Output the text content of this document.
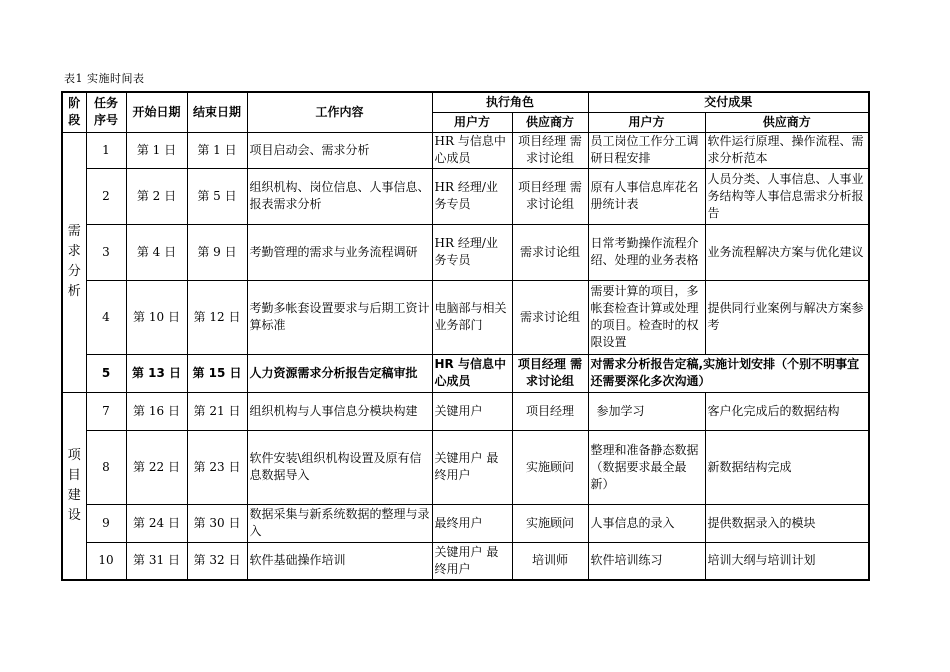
表1 实施时间表
阶段	任务序号	开始日期	结束日期	工作内容	执行角色		交付成果	
					用户方	供应商方	用户方	供应商方

需求分析	1	第 1 日	第 1 日	项目启动会、需求分析	HR 与信息中心成员	项目经理 需求讨论组	员工岗位工作分工调研日程安排	软件运行原理、操作流程、需求分析范本
	2	第 2 日	第 5 日	组织机构、岗位信息、人事信息、报表需求分析	HR 经理/业务专员	项目经理 需求讨论组	原有人事信息库花名册统计表	人员分类、人事信息、人事业务结构等人事信息需求分析报告
	3	第 4 日	第 9 日	考勤管理的需求与业务流程调研	HR 经理/业务专员	需求讨论组	日常考勤操作流程介绍、处理的业务表格	业务流程解决方案与优化建议
	4	第 10 日	第 12 日	考勤多帐套设置要求与后期工资计算标准	电脑部与相关业务部门	需求讨论组	需要计算的项目，多帐套检查计算或处理的项目。检查时的权限设置	提供同行业案例与解决方案参考
	5	第 13 日	第 15 日	人力资源需求分析报告定稿审批	HR 与信息中心成员	项目经理 需求讨论组	对需求分析报告定稿,实施计划安排（个别不明事宜还需要深化多次沟通）	

项目建设	7	第 16 日	第 21 日	组织机构与人事信息分模块构建	关键用户	项目经理	参加学习	客户化完成后的数据结构
	8	第 22 日	第 23 日	软件安装\组织机构设置及原有信息数据导入	关键用户 最终用户	实施顾问	整理和准备静态数据 （数据要求最全最新）	新数据结构完成
	9	第 24 日	第 30 日	数据采集与新系统数据的整理与录入	最终用户	实施顾问	人事信息的录入	提供数据录入的模块
	10	第 31 日	第 32 日	软件基础操作培训	关键用户 最终用户	培训师	软件培训练习	培训大纲与培训计划
